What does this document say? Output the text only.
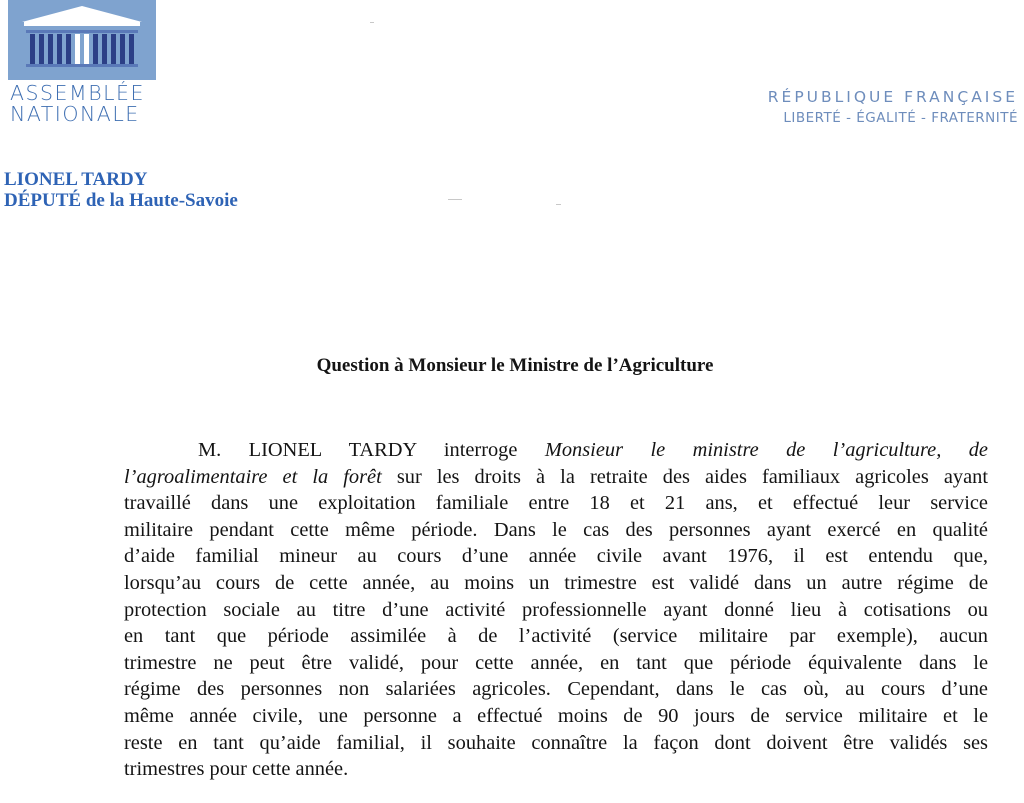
ASSEMBLÉE
NATIONALE
RÉPUBLIQUE FRANÇAISE
LIBERTÉ - ÉGALITÉ - FRATERNITÉ
LIONEL TARDY
DÉPUTÉ de la Haute-Savoie
Question à Monsieur le Ministre de l’Agriculture
M. LIONEL TARDY interroge Monsieur le ministre de l’agriculture, de
l’agroalimentaire et la forêt sur les droits à la retraite des aides familiaux agricoles ayant
travaillé dans une exploitation familiale entre 18 et 21 ans, et effectué leur service
militaire pendant cette même période. Dans le cas des personnes ayant exercé en qualité
d’aide familial mineur au cours d’une année civile avant 1976, il est entendu que,
lorsqu’au cours de cette année, au moins un trimestre est validé dans un autre régime de
protection sociale au titre d’une activité professionnelle ayant donné lieu à cotisations ou
en tant que période assimilée à de l’activité (service militaire par exemple), aucun
trimestre ne peut être validé, pour cette année, en tant que période équivalente dans le
régime des personnes non salariées agricoles. Cependant, dans le cas où, au cours d’une
même année civile, une personne a effectué moins de 90 jours de service militaire et le
reste en tant qu’aide familial, il souhaite connaître la façon dont doivent être validés ses
trimestres pour cette année.
